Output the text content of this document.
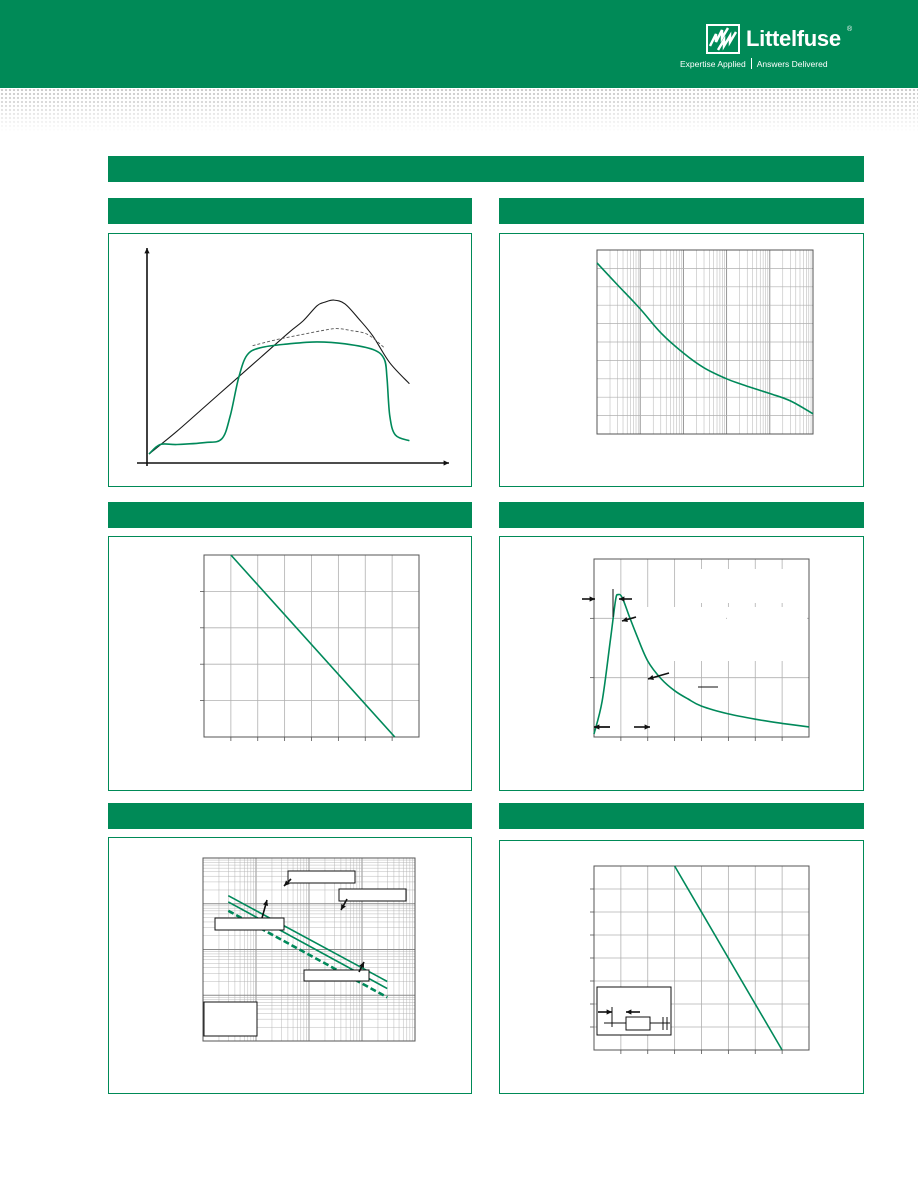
Littelfuse ®
Expertise Applied Answers Delivered
